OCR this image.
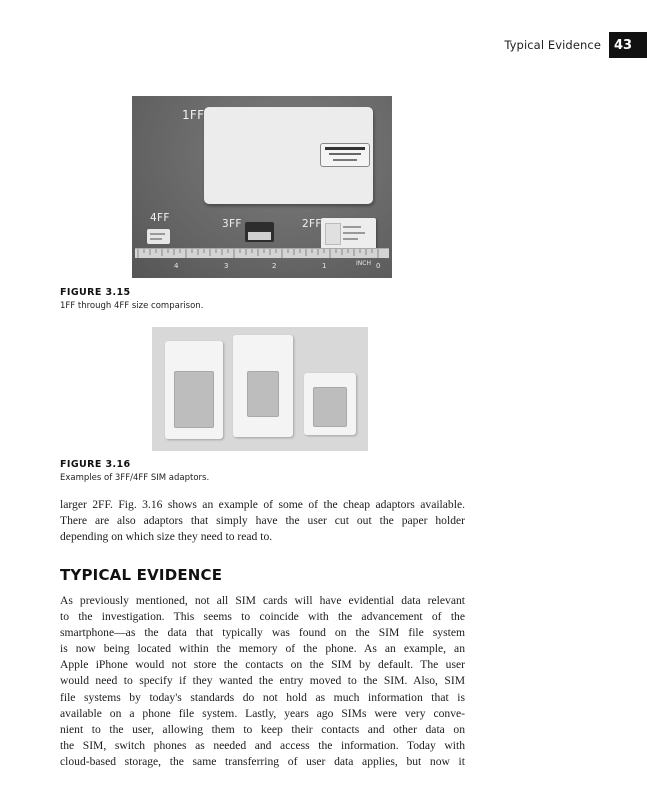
Typical Evidence	43
1FF
2FF
3FF
4FF
4	3	2	1	INCH 0
FIGURE 3.15
1FF through 4FF size comparison.
FIGURE 3.16
Examples of 3FF/4FF SIM adaptors.
larger 2FF. Fig. 3.16 shows an example of some of the cheap adaptors available.
There are also adaptors that simply have the user cut out the paper holder
depending on which size they need to read to.
TYPICAL EVIDENCE
As previously mentioned, not all SIM cards will have evidential data relevant
to the investigation. This seems to coincide with the advancement of the
smartphone—as the data that typically was found on the SIM file system
is now being located within the memory of the phone. As an example, an
Apple iPhone would not store the contacts on the SIM by default. The user
would need to specify if they wanted the entry moved to the SIM. Also, SIM
file systems by today's standards do not hold as much information that is
available on a phone file system. Lastly, years ago SIMs were very conve-
nient to the user, allowing them to keep their contacts and other data on
the SIM, switch phones as needed and access the information. Today with
cloud-based storage, the same transferring of user data applies, but now it
